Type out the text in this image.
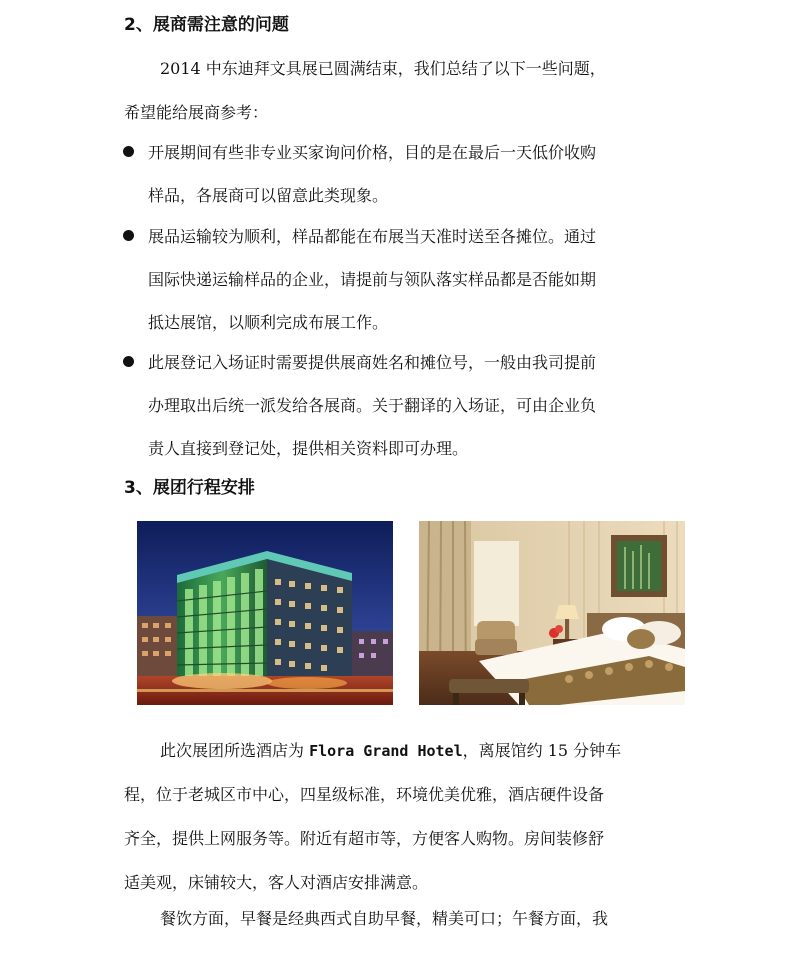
2、展商需注意的问题
2014 中东迪拜文具展已圆满结束，我们总结了以下一些问题，
希望能给展商参考：
开展期间有些非专业买家询问价格，目的是在最后一天低价收购
样品，各展商可以留意此类现象。
展品运输较为顺利，样品都能在布展当天准时送至各摊位。通过
国际快递运输样品的企业，请提前与领队落实样品都是否能如期
抵达展馆，以顺利完成布展工作。
此展登记入场证时需要提供展商姓名和摊位号，一般由我司提前
办理取出后统一派发给各展商。关于翻译的入场证，可由企业负
责人直接到登记处，提供相关资料即可办理。
3、展团行程安排
此次展团所选酒店为 Flora Grand Hotel，离展馆约 15 分钟车
程，位于老城区市中心，四星级标准，环境优美优雅，酒店硬件设备
齐全，提供上网服务等。附近有超市等，方便客人购物。房间装修舒
适美观，床铺较大，客人对酒店安排满意。
餐饮方面，早餐是经典西式自助早餐，精美可口；午餐方面，我
